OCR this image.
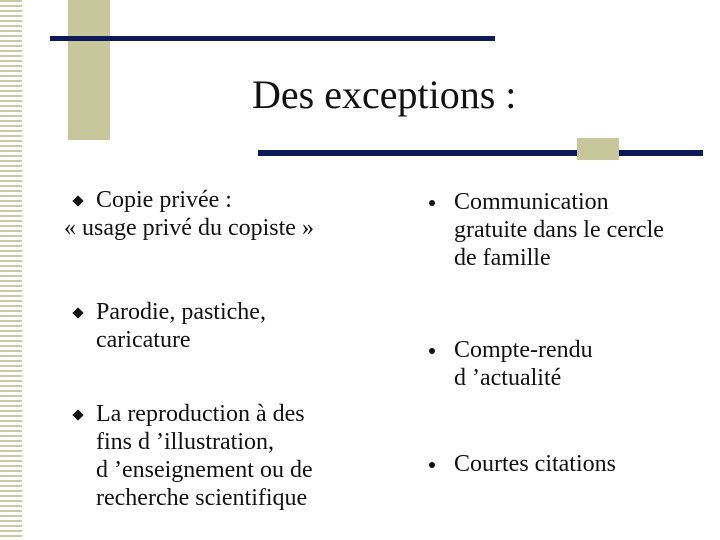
Des exceptions :
Copie privée :
« usage privé du copiste »
Parodie, pastiche,
caricature
La reproduction à des
fins d ’illustration,
d ’enseignement ou de
recherche scientifique
Communication
gratuite dans le cercle
de famille
Compte-rendu
d ’actualité
Courtes citations
